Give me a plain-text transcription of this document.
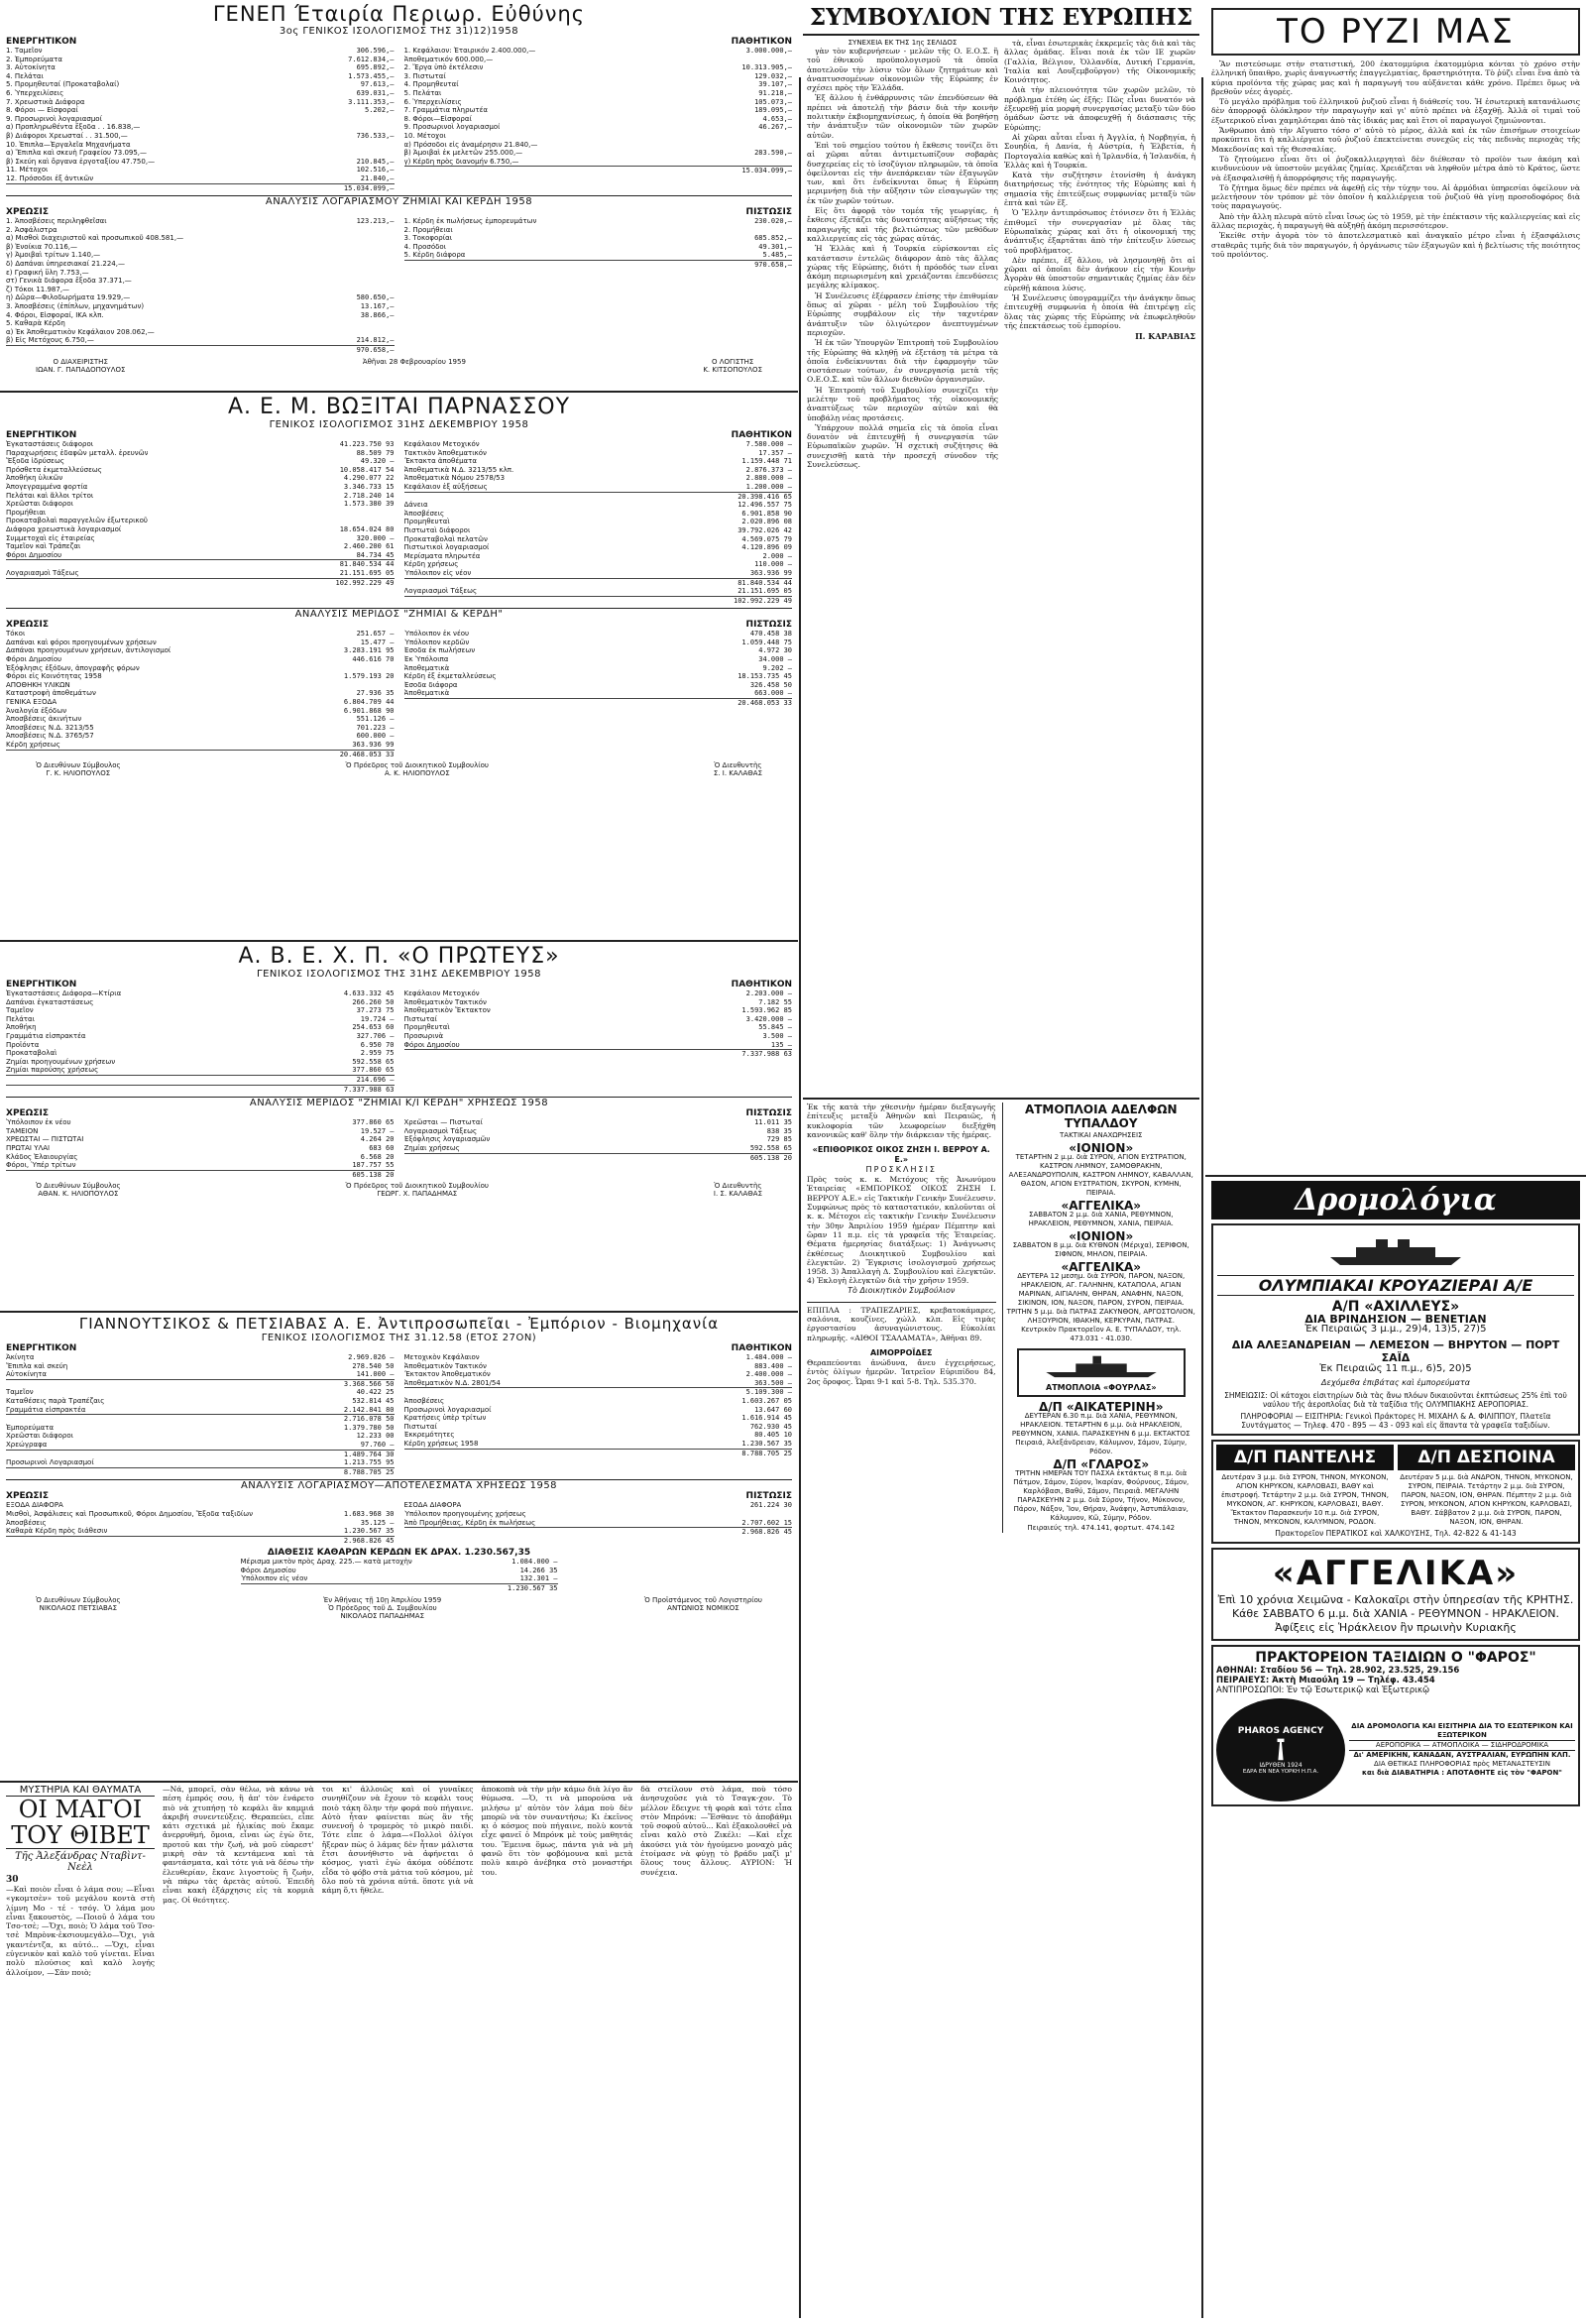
ΓΕΝΕΠ Έταιρία Περιωρ. Εὐθύνης
3ος ΓΕΝΙΚΟΣ ΙΣΟΛΟΓΙΣΜΟΣ ΤΗΣ 31)12)1958
ΕΝΕΡΓΗΤΙΚΟΝ
1. Ταμεῖον	306.596,—
2. Ἐμπορεύματα	7.612.834,—
3. Αὐτοκίνητα	695.892,—
4. Πελάται	1.573.455,—
5. Προμηθευταί (Προκαταβολαί)	97.613,—
6. Ὑπερχειλίσεις	639.031,—
7. Χρεωστικὰ Διάφορα	3.111.353,—
8. Φόροι — Εἰσφοραί	5.202,—
9. Προσωρινοὶ λογαριασμοί
α) Προπληρωθέντα ἔξοδα . . 16.838,—
β) Διάφοροι Χρεωσταί . . 31.500,—	736.533,—
10. Ἐπιπλα—Ἐργαλεῖα Μηχανήματα
α) Ἔπιπλα καὶ σκευὴ Γραφείου 73.095,—
β) Σκεύη καὶ ὄργανα ἐργοταξίου 47.750,—	210.845,—
11. Μέτοχοι	102.516,—
12. Πρόσοδοι ἐξ ἀντικῶν	21.840,—
15.034.099,—
ΠΑΘΗΤΙΚΟΝ
1. Κεφάλαιον: Ἐταιρικόν 2.400.000,—	3.000.000,—
Ἀποθεματικόν 600.000,—
2. Ἔργα ὑπὸ ἐκτέλεσιν	10.313.905,—
3. Πιστωταί	129.032,—
4. Προμηθευταί	39.107,—
5. Πελάται	91.218,—
6. Ὑπερχειλίσεις	105.073,—
7. Γραμμάτια πληρωτέα	189.095,—
8. Φόροι—Εἰσφοραί	4.653,—
9. Προσωρινοὶ λογαριασμοί	46.267,—
10. Μέτοχοι
α) Πρόσοδοι εἰς ἀναμέρησιν 21.840,—
β) Ἀμοιβαὶ ἐκ μελετῶν 255.000,—	283.590,—
γ) Κέρδη πρὸς διανομήν 6.750,—
15.034.099,—
ΑΝΑΛΥΣΙΣ ΛΟΓΑΡΙΑΣΜΟΥ ΖΗΜΙΑΙ ΚΑΙ ΚΕΡΔΗ 1958
ΧΡΕΩΣΙΣ
1. Ἀποσβέσεις περιληφθεῖσαι	123.213,—
2. Ἀσφάλιστρα
α) Μισθοὶ διαχειριστοῦ καὶ προσωπικοῦ 408.581,—
β) Ἐνοίκια 70.116,—
γ) Ἀμοιβαὶ τρίτων 1.140,—
δ) Δαπάναι ὑπηρεσιακαί 21.224,—
ε) Γραφική ὕλη 7.753,—
στ) Γενικὰ διάφορα ἔξοδα 37.371,—
ζ) Τόκοι 11.987,—
η) Δῶρα—Φιλοδωρήματα 19.929,—	580.650,—
3. Ἀποσβέσεις (ἐπίπλων, μηχανημάτων)	13.167,—
4. Φόροι, Εἰσφοραί, ΙΚΑ κλπ.	38.866,—
5. Καθαρὰ Κέρδη
α) Ἐκ Ἀποθεματικὸν Κεφάλαιον 208.062,—
β) Εἰς Μετόχους 6.750,—	214.812,—
970.658,—
ΠΙΣΤΩΣΙΣ
1. Κέρδη ἐκ πωλήσεως ἐμπορευμάτων	230.020,—
2. Προμήθειαι
3. Τοκοφορίαι	685.852,—
4. Προσόδοι	49.301,—
5. Κέρδη διάφορα	5.485,—
970.658,—
Ο ΔΙΑΧΕΙΡΙΣΤΗΣ
ΙΩΑΝ. Γ. ΠΑΠΑΔΟΠΟΥΛΟΣ
Ἀθῆναι 28 Φεβρουαρίου 1959	Ο ΛΟΓΙΣΤΗΣ
Κ. ΚΙΤΣΟΠΟΥΛΟΣ
Α. Ε. Μ. ΒΩΞΙΤΑΙ ΠΑΡΝΑΣΣΟΥ
ΓΕΝΙΚΟΣ ΙΣΟΛΟΓΙΣΜΟΣ 31ΗΣ ΔΕΚΕΜΒΡΙΟΥ 1958
ΕΝΕΡΓΗΤΙΚΟΝ
Ἐγκαταστάσεις διάφοροι	41.223.750 93
Παραχωρήσεις ἐδαφῶν μεταλλ. ἐρευνῶν	88.509 79
Ἔξοδα ἱδρύσεως	49.320 —
Πρόσθετα ἐκμεταλλεύσεως	10.058.417 54
Ἀποθήκη ὑλικῶν	4.290.077 22
Ἀπογεγραμμένα φορτία	3.346.733 15
Πελάται καὶ ἄλλοι τρίτοι	2.718.240 14
Χρεῶσται διάφοροι	1.573.380 39
Προμήθειαι
Προκαταβολαὶ παραγγελιῶν ἐξωτερικοῦ
Διάφορα χρεωστικὰ λογαριασμοί	18.654.024 80
Συμμετοχαὶ εἰς ἑταιρείας	320.000 —
Ταμεῖον καὶ Τράπεζαι	2.460.200 61
Φόροι Δημοσίου	84.734 45
81.840.534 44
Λογαριασμοὶ Τάξεως	21.151.695 05
102.992.229 49
ΠΑΘΗΤΙΚΟΝ
Κεφάλαιον Μετοχικόν	7.580.000 —
Τακτικὸν Ἀποθεματικόν	17.357 —
Ἔκτακτα ἀποθέματα	1.159.448 71
Ἀποθεματικὰ Ν.Δ. 3213/55 κλπ.	2.876.373 —
Ἀποθεματικὰ Νόμου 2578/53	2.880.000 —
Κεφάλαιον ἐξ αὐξήσεως	1.200.000 —
20.398.416 65
Δάνεια	12.496.557 75
Ἀποσβέσεις	6.901.858 90
Προμηθευταὶ	2.020.896 08
Πιστωταὶ διάφοροι	39.792.026 42
Προκαταβολαὶ πελατῶν	4.569.075 79
Πιστωτικοὶ λογαριασμοί	4.120.896 09
Μερίσματα πληρωτέα	2.000 —
Κέρδη χρήσεως	110.000 —
Ὑπόλοιπον εἰς νέον	363.936 99
81.840.534 44
Λογαριασμοὶ Τάξεως	21.151.695 05
102.992.229 49
ΑΝΑΛΥΣΙΣ ΜΕΡΙΔΟΣ "ΖΗΜΙΑΙ & ΚΕΡΔΗ"
ΧΡΕΩΣΙΣ
Τόκοι	251.657 —
Δαπάναι καὶ φόροι προηγουμένων χρήσεων	15.477 —
Δαπάναι προηγουμένων χρήσεων, ἀντιλογισμοί	3.283.191 95
Φόροι Δημοσίου	446.616 70
Ἐξόφλησις ἐξόδων, ἀπογραφῆς φόρων
Φόροι εἰς Κοινότητας 1958	1.579.193 20
ΑΠΟΘΗΚΗ ΥΛΙΚΩΝ
Καταστροφὴ ἀποθεμάτων	27.936 35
ΓΕΝΙΚΑ ΕΞΟΔΑ	6.804.709 44
Ἀναλογία ἐξόδων	6.901.868 90
Ἀποσβέσεις ἀκινήτων	551.126 —
Ἀποσβέσεις Ν.Δ. 3213/55	701.223 —
Ἀποσβέσεις Ν.Δ. 3765/57	600.000 —
Κέρδη χρήσεως	363.936 99
20.468.053 33
ΠΙΣΤΩΣΙΣ
Ὑπόλοιπον ἐκ νέου	470.458 38
Ὑπόλοιπον κερδῶν	1.059.448 75
Ἐσοδα ἐκ πωλήσεων	4.972 30
Ἐκ Ὑπόλοιπα	34.000 —
Ἀποθεματικὰ	9.202 —
Κέρδη ἐξ ἐκμεταλλεύσεως	18.153.735 45
Ἐσοδα διάφορα	326.458 50
Ἀποθεματικὰ	663.000 —
20.468.053 33
Ὁ Διευθύνων Σύμβουλος
Γ. Κ. ΗΛΙΟΠΟΥΛΟΣ
Ὁ Πρόεδρος τοῦ Διοικητικοῦ Συμβουλίου
Α. Κ. ΗΛΙΟΠΟΥΛΟΣ
Ὁ Διευθυντὴς
Σ. Ι. ΚΑΛΑΘΑΣ
Α. Β. Ε. Χ. Π. «Ο ΠΡΩΤΕΥΣ»
ΓΕΝΙΚΟΣ ΙΣΟΛΟΓΙΣΜΟΣ ΤΗΣ 31ΗΣ ΔΕΚΕΜΒΡΙΟΥ 1958
ΕΝΕΡΓΗΤΙΚΟΝ
Ἐγκαταστάσεις Διάφορα—Κτίρια	4.633.332 45
Δαπάναι ἐγκαταστάσεως	266.260 50
Ταμεῖον	37.273 75
Πελάται	19.724 —
Ἀποθήκη	254.653 60
Γραμμάτια εἰσπρακτέα	327.706 —
Προϊόντα	6.950 70
Προκαταβολαὶ	2.959 75
Ζημίαι προηγουμένων χρήσεων	592.558 65
Ζημίαι παρούσης χρήσεως	377.860 65
214.696 —
7.337.988 63
ΠΑΘΗΤΙΚΟΝ
Κεφάλαιον Μετοχικόν	2.203.000 —
Ἀποθεματικὸν Τακτικόν	7.182 55
Ἀποθεματικὸν Ἔκτακτον	1.593.962 85
Πιστωταί	3.420.000 —
Προμηθευταὶ	55.845 —
Προσωρινὰ	3.500 —
Φόροι Δημοσίου	135 —
7.337.988 63
ΑΝΑΛΥΣΙΣ ΜΕΡΙΔΟΣ "ΖΗΜΙΑΙ Κ/Ι ΚΕΡΔΗ" ΧΡΗΣΕΩΣ 1958
ΧΡΕΩΣΙΣ
Ὑπόλοιπον ἐκ νέου	377.860 65
ΤΑΜΕΙΟΝ	19.527 —
ΧΡΕΩΣΤΑΙ — ΠΙΣΤΩΤΑΙ	4.264 20
ΠΡΩΤΑΙ ΥΛΑΙ	683 60
Κλάδος Ἐλαιουργίας	6.568 20
Φόροι, Ὑπέρ τρίτων	187.757 55
605.138 20
ΠΙΣΤΩΣΙΣ
Χρεῶσται — Πιστωταί	11.011 35
Λογαριασμοὶ Τάξεως	838 35
Ἐξόφλησις λογαριασμῶν	729 85
Ζημίαι χρήσεως	592.558 65
605.138 20
Ὁ Διευθύνων Σύμβουλος
ΑΘΑΝ. Κ. ΗΛΙΟΠΟΥΛΟΣ
Ὁ Πρόεδρος τοῦ Διοικητικοῦ Συμβουλίου
ΓΕΩΡΓ. Χ. ΠΑΠΑΔΗΜΑΣ
Ὁ Διευθυντὴς
Ι. Σ. ΚΑΛΑΘΑΣ
ΓΙΑΝΝΟΥΤΣΙΚΟΣ & ΠΕΤΣΙΑΒΑΣ Α. Ε. Ἀντιπροσωπεῖαι - Ἐμπόριον - Βιομηχανία
ΓΕΝΙΚΟΣ ΙΣΟΛΟΓΙΣΜΟΣ ΤΗΣ 31.12.58 (ΕΤΟΣ 27ΟΝ)
ΕΝΕΡΓΗΤΙΚΟΝ
Ἀκίνητα	2.969.026 —
Ἔπιπλα καὶ σκεύη	278.540 50
Αὐτοκίνητα	141.000 —
3.368.566 50
Ταμεῖον	40.422 25
Καταθέσεις παρὰ Τραπέζαις	532.814 45
Γραμμάτια εἰσπρακτέα	2.142.841 80
2.716.078 50
Ἐμπορεύματα	1.379.780 50
Χρεῶσται διάφοροι	12.233 00
Χρεώγραφα	97.760 —
1.489.764 30
Προσωρινοὶ Λογαριασμοί	1.213.755 95
8.788.705 25
ΠΑΘΗΤΙΚΟΝ
Μετοχικὸν Κεφάλαιον	1.484.000 —
Ἀποθεματικὸν Τακτικόν	883.400 —
Ἔκτακτον Ἀποθεματικόν	2.400.000 —
Ἀποθεματικὸν Ν.Δ. 2801/54	363.500 —
5.109.300 —
Ἀποσβέσεις	1.603.267 05
Προσωρινοὶ λογαριασμοί	13.647 60
Κρατήσεις ὑπὲρ τρίτων	1.616.914 45
Πιστωταί	762.930 45
Ἐκκρεμότητες	80.405 10
Κέρδη χρήσεως 1958	1.230.567 35
8.788.705 25
ΑΝΑΛΥΣΙΣ ΛΟΓΑΡΙΑΣΜΟΥ—ΑΠΟΤΕΛΕΣΜΑΤΑ ΧΡΗΣΕΩΣ 1958
ΧΡΕΩΣΙΣ
ΕΞΟΔΑ ΔΙΑΦΟΡΑ
Μισθοὶ, Ἀσφάλισεις καὶ Προσωπικοῦ, Φόροι Δημοσίου, Ἔξοδα ταξιδίων	1.683.968 30
Ἀποσβέσεις	35.125 —
Καθαρὰ Κέρδη πρὸς διάθεσιν	1.230.567 35
2.968.826 45
ΠΙΣΤΩΣΙΣ
ΕΣΟΔΑ ΔΙΑΦΟΡΑ	261.224 30
Ὑπόλοιπον προηγουμένης χρήσεως
Ἀπὸ Προμήθειας, Κέρδη ἐκ πωλήσεως	2.707.602 15
2.968.826 45
ΔΙΑΘΕΣΙΣ ΚΑΘΑΡΩΝ ΚΕΡΔΩΝ ΕΚ ΔΡΑΧ. 1.230.567,35
Μέρισμα μικτὸν πρὸς Δραχ. 225.— κατὰ μετοχὴν	1.084.000 —
Φόροι Δημοσίου	14.266 35
Ὑπόλοιπον εἰς νέον	132.301 —
1.230.567 35
Ὁ Διευθύνων Σύμβουλος
ΝΙΚΟΛΑΟΣ ΠΕΤΣΙΑΒΑΣ
Ἐν Ἀθήναις τῇ 10ῃ Ἀπριλίου 1959
Ὁ Πρόεδρος τοῦ Δ. Συμβουλίου
ΝΙΚΟΛΑΟΣ ΠΑΠΑΔΗΜΑΣ
Ὁ Προϊστάμενος τοῦ Λογιστηρίου
ΑΝΤΩΝΙΟΣ ΝΟΜΙΚΟΣ
ΜΥΣΤΗΡΙΑ ΚΑΙ ΘΑΥΜΑΤΑ
ΟΙ ΜΑΓΟΙ ΤΟΥ ΘΙΒΕΤ
Τῆς Ἀλεξάνδρας Νταβὶντ-Νεὲλ
30
—Καὶ ποιὸν εἶναι ὁ λάμα σου; —Εἶναι «γκομτσὲν» τοῦ μεγάλου κοντὰ στὴ λίμνη Μο - τέ - τσόγ. Ὁ λάμα μου εἶναι ξακουστὸς, —Ποιοῦ ὁ λάμα του Τσο-τσὲ; —Ὄχι, ποιὸ; Ὁ λάμα τοῦ Τσο-τσὲ Μπρὸνκ-ἐκσιουμεγάλο—Ὄχι, γιὰ γκαντέντζα, κι αὐτό... —Ὄχι, εἶναι εὐγενικὸν καὶ καλὸ τοῦ γίνεται. Εἶναι πολὺ πλούσιος καὶ καλὸ λογής ἀλλοίμον, —Σὰν ποιὸ;
—Νά, μπορεῖ, σὰν θέλω, νὰ κάνω νὰ πέση ἐμπρός σου, ἢ ἀπ' τὸν ἐνάρετο πιὸ νὰ χτυπήσῃ τὸ κεφάλι ἂν καμμιά ἀκριβή συνεντεύξεις. Θεραπεύει, εἶπε κάτι σχετικά μὲ ἡλικίας ποὺ ἔκαμε ἀνερρυθμή, ὅμοια, εἶναι ὡς ἐγὼ ὅτε, προτοῦ και τὴν ζωή, νὰ μοῦ εὐαρεστ' μικρὴ σὰν τὰ κεντάμενα καὶ τὰ φαντάσματα, καὶ τότε γιὰ νὰ δέσω τὴν ἐλευθερίαν, ἔκανε λιγοστοὺς ἢ ζωὴν, νὰ πάρω τὰς ἀρετὰς αὐτοῦ. Ἐπειδὴ εἶναι κακὴ ἐξάρχησις εἰς τὰ κορμιὰ μας. Οἱ θεότητες.
τοι κι' ἀλλοιῶς καὶ οἱ γυναῖκες συνηθίζουν νὰ ἔχουν τὸ κεφάλι τους ποιὸ τάκη ὅλην τὴν φορά ποὺ πήγαινε. Αὐτὸ ἦταν φαίνεται πὼς ἂν τῆς συνενοῆ ὁ τρομερὸς τὸ μικρὸ παιδί. Τότε εἶπε ὁ λάμα—«Πολλοὶ ὀλίγοι ἤξεραν πὼς ὁ λάμας δὲν ἦταν μάλιστα ἔτσι ἀσυνήθιστο νὰ ἀφήνεται ὁ κόσμος, γιατὶ ἐγὼ ἀκόμα οὐδέποτε εἶδα τὸ φόβο στὰ μάτια τοῦ κόσμου, μὲ ὅλο ποὺ τὰ χρόνια αὐτά. ὅποτε γιὰ νὰ κάμη ὅ,τι ἤθελε.
ἀποκοπὰ νὰ τὴν μὴν κάμω διὰ λίγο ἂν θύμωσα. —Ὁ, τι νὰ μπορούσα νὰ μιλήσω μ' αὐτὸν τὸν λάμα ποὺ δὲν μπορῶ νὰ τὸν συναντήσω; Κι ἐκεῖνος κι ὁ κόσμος ποὺ πήγαινε, πολὺ κοντὰ εἶχε φανεῖ ὁ Μπρόνκ μὲ τοὺς μαθητάς του. Ἔμεινα ὅμως, πάντα γιὰ νὰ μὴ φανῶ ὅτι τὸν φοβόμουνα καὶ μετὰ πολὺ καιρὸ ἀνέβηκα στὸ μοναστήρι του.
δὰ στείλουν στὸ λάμα, ποὺ τόσο ἀνησυχοῦσε γιὰ τὸ Τσαγκ-χον. Τὸ μέλλον ἔδειχνε τὴ φορὰ καὶ τότε εἶπα στὸν Μπρόνκ: —Ἔσθανε τὸ ἀποβάθμι τοῦ σοφοῦ αὐτοῦ... Καὶ ἐξακολουθεῖ νὰ εἶναι καλὸ στὸ Ζικέλι: —Καὶ εἶχε ἀκούσει γιὰ τὸν ἡγούμενο μοναχὸ μᾶς ἐτοίμασε νὰ φύγῃ τὸ βράδυ μαζὶ μ' ὅλους τους ἄλλους. ΑΥΡΙΟΝ: Ἡ συνέχεια.
ΣΥΜΒΟΥΛΙΟΝ ΤΗΣ ΕΥΡΩΠΗΣ
ΣΥΝΕΧΕΙΑ ΕΚ ΤΗΣ 1ης ΣΕΛΙΔΟΣ

γὰν τὸν κυβερνήσεων - μελῶν τῆς Ο. Ε.Ο.Σ. ἢ τοῦ ἐθνικοῦ προϋπολογισμοῦ τὰ ὁποῖα ἀποτελοῦν τὴν λύσιν τῶν ὅλων ζητημάτων καὶ ἀναπτυσσομένων οἰκονομιῶν τῆς Εὐρώπης ἐν σχέσει πρὸς τὴν Ἑλλάδα.

Ἐξ ἄλλου ἡ ἐνθάρρυνσις τῶν ἐπενδύσεων θὰ πρέπει νὰ ἀποτελῇ τὴν βάσιν διὰ τὴν κοινὴν πολιτικὴν ἐκβιομηχανίσεως, ἡ ὁποία θὰ βοηθήσῃ τὴν ἀνάπτυξιν τῶν οἰκονομιῶν τῶν χωρῶν αὐτῶν.

Ἐπὶ τοῦ σημείου τούτου ἡ ἔκθεσις τονίζει ὅτι αἱ χῶραι αὗται ἀντιμετωπίζουν σοβαρὰς δυσχερείας εἰς τὸ ἰσοζύγιον πληρωμῶν, τὰ ὁποῖα ὀφείλονται εἰς τὴν ἀνεπάρκειαν τῶν ἐξαγωγῶν των, καὶ ὅτι ἐνδείκνυται ὅπως ἡ Εὐρώπη μεριμνήσῃ διὰ τὴν αὔξησιν τῶν εἰσαγωγῶν της ἐκ τῶν χωρῶν τούτων.

Εἰς ὅτι ἀφορᾷ τὸν τομέα τῆς γεωργίας, ἡ ἔκθεσις ἐξετάζει τὰς δυνατότητας αὐξήσεως τῆς παραγωγῆς καὶ τῆς βελτιώσεως τῶν μεθόδων καλλιεργείας εἰς τὰς χώρας αὐτάς.

Ἡ Ἑλλὰς καὶ ἡ Τουρκία εὑρίσκονται εἰς κατάστασιν ἐντελῶς διάφορον ἀπὸ τὰς ἄλλας χώρας τῆς Εὐρώπης, διότι ἡ πρόοδός των εἶναι ἀκόμη περιωρισμένη καὶ χρειάζονται ἐπενδύσεις μεγάλης κλίμακος.

Ἡ Συνέλευσις ἐξέφρασεν ἐπίσης τὴν ἐπιθυμίαν ὅπως αἱ χῶραι - μέλη τοῦ Συμβουλίου τῆς Εὐρώπης συμβάλουν εἰς τὴν ταχυτέραν ἀνάπτυξιν τῶν ὀλιγώτερον ἀνεπτυγμένων περιοχῶν.

Ἡ ἐκ τῶν Ὑπουργῶν Ἐπιτροπὴ τοῦ Συμβουλίου τῆς Εὐρώπης θὰ κληθῇ νὰ ἐξετάσῃ τὰ μέτρα τὰ ὁποῖα ἐνδείκνυνται διὰ τὴν ἐφαρμογὴν τῶν συστάσεων τούτων, ἐν συνεργασίᾳ μετὰ τῆς Ο.Ε.Ο.Σ. καὶ τῶν ἄλλων διεθνῶν ὀργανισμῶν.

Ἡ Ἐπιτροπὴ τοῦ Συμβουλίου συνεχίζει τὴν μελέτην τοῦ προβλήματος τῆς οἰκονομικῆς ἀναπτύξεως τῶν περιοχῶν αὐτῶν καὶ θὰ ὑποβάλῃ νέας προτάσεις.

Ὑπάρχουν πολλά σημεῖα εἰς τὰ ὁποῖα εἶναι δυνατὸν νὰ ἐπιτευχθῇ ἡ συνεργασία τῶν Εὐρωπαϊκῶν χωρῶν. Ἡ σχετικὴ συζήτησις θὰ συνεχισθῇ κατὰ τὴν προσεχῆ σύνοδον τῆς Συνελεύσεως.

τὰ, εἶναι ἐσωτερικὰς ἐκκρεμεῖς τὰς διὰ καὶ τὰς ἄλλας ὁμάδας. Εἶναι ποιὰ ἐκ τῶν ΙΕ χωρῶν (Γαλλία, Βέλγιον, Ὁλλανδία, Δυτική Γερμανία, Ἰταλία καὶ Λουξεμβοῦργον) τῆς Οἰκονομικῆς Κοινότητος.

Διὰ τὴν πλειονότητα τῶν χωρῶν μελῶν, τὸ πρόβλημα ἐτέθη ὡς ἑξῆς: Πῶς εἶναι δυνατόν νὰ ἐξευρεθῇ μία μορφὴ συνεργασίας μεταξὺ τῶν δύο ὁμάδων ὥστε νὰ ἀποφευχθῇ ἡ διάσπασις τῆς Εὐρώπης;

Αἱ χῶραι αὗται εἶναι ἡ Ἀγγλία, ἡ Νορβηγία, ἡ Σουηδία, ἡ Δανία, ἡ Αὐστρία, ἡ Ἑλβετία, ἡ Πορτογαλία καθὼς καὶ ἡ Ἰρλανδία, ἡ Ἰσλανδία, ἡ Ἑλλὰς καὶ ἡ Τουρκία.

Κατὰ τὴν συζήτησιν ἐτονίσθη ἡ ἀνάγκη διατηρήσεως τῆς ἑνότητος τῆς Εὐρώπης καὶ ἡ σημασία τῆς ἐπιτεύξεως συμφωνίας μεταξὺ τῶν ἑπτὰ καὶ τῶν ἕξ.

Ὁ Ἕλλην ἀντιπρόσωπος ἐτόνισεν ὅτι ἡ Ἑλλὰς ἐπιθυμεῖ τὴν συνεργασίαν μὲ ὅλας τὰς Εὐρωπαϊκὰς χώρας καὶ ὅτι ἡ οἰκονομική της ἀνάπτυξις ἐξαρτᾶται ἀπὸ τὴν ἐπίτευξιν λύσεως τοῦ προβλήματος.

Δὲν πρέπει, ἐξ ἄλλου, νὰ λησμονηθῇ ὅτι αἱ χῶραι αἱ ὁποῖαι δὲν ἀνήκουν εἰς τὴν Κοινὴν Ἀγορὰν θὰ ὑποστοῦν σημαντικὰς ζημίας ἐὰν δὲν εὑρεθῇ κάποια λύσις.

Ἡ Συνέλευσις ὑπογραμμίζει τὴν ἀνάγκην ὅπως ἐπιτευχθῇ συμφωνία ἡ ὁποία θὰ ἐπιτρέψῃ εἰς ὅλας τὰς χώρας τῆς Εὐρώπης νὰ ἐπωφεληθοῦν τῆς ἐπεκτάσεως τοῦ ἐμπορίου.

Π. ΚΑΡΑΒΙΑΣ
Ἐκ τῆς κατὰ τὴν χθεσινὴν ἡμέραν διεξαγωγῆς ἐπίτευξις μεταξὺ Ἀθηνῶν καὶ Πειραιῶς, ἡ κυκλοφορία τῶν λεωφορείων διεξήχθη κανονικῶς καθ' ὅλην τὴν διάρκειαν τῆς ἡμέρας.
«ΕΠΙΘΟΡΙΚΟΣ ΟΙΚΟΣ ΖΗΣΗ Ι. ΒΕΡΡΟΥ Α. Ε.»
ΠΡΟΣΚΛΗΣΙΣ
Πρὸς τοὺς κ. κ. Μετόχους τῆς Ἀνωνύμου Ἑταιρείας «ΕΜΠΟΡΙΚΟΣ ΟΙΚΟΣ ΖΗΣΗ Ι. ΒΕΡΡΟΥ Α.Ε.» εἰς Τακτικὴν Γενικὴν Συνέλευσιν. Συμφώνως πρὸς τὸ καταστατικόν, καλοῦνται οἱ κ. κ. Μέτοχοι εἰς τακτικὴν Γενικὴν Συνέλευσιν τὴν 30ην Ἀπριλίου 1959 ἡμέραν Πέμπτην καὶ ὥραν 11 π.μ. εἰς τὰ γραφεῖα τῆς Ἑταιρείας. Θέματα ἡμερησίας διατάξεως: 1) Ἀνάγνωσις ἐκθέσεως Διοικητικοῦ Συμβουλίου καὶ ἐλεγκτῶν. 2) Ἔγκρισις ἰσολογισμοῦ χρήσεως 1958. 3) Ἀπαλλαγὴ Δ. Συμβουλίου καὶ ἐλεγκτῶν. 4) Ἐκλογὴ ἐλεγκτῶν διὰ τὴν χρῆσιν 1959.
Τὸ Διοικητικὸν Συμβούλιον
ΕΠΙΠΛΑ : ΤΡΑΠΕΖΑΡΙΕΣ, κρεβατοκάμαρες, σαλόνια, κουζίνες, χώλλ κλπ. Εἰς τιμὰς ἐργοστασίου ἀσυναγώνιστους. Εὐκολίαι πληρωμῆς. «ΑΙΘΟΙ ΤΣΑΛΑΜΑΤΑ», Ἀθῆναι 89.
ΑΙΜΟΡΡΟΪΔΕΣ
Θεραπεύονται ἀνώδυνα, ἄνευ ἐγχειρήσεως, ἐντὸς ὀλίγων ἡμερῶν. Ἰατρεῖον Εὐριπίδου 84, 2ος ὄροφος. Ὧραι 9-1 καὶ 5-8. Τηλ. 535.370.
ΑΤΜΟΠΛΟΙΑ ΑΔΕΛΦΩΝ ΤΥΠΑΛΔΟΥ
ΤΑΚΤΙΚΑΙ ΑΝΑΧΩΡΗΣΕΙΣ
«ΙΟΝΙΟΝ»
ΤΕΤΑΡΤΗΝ 2 μ.μ. διὰ ΣΥΡΟΝ, ΑΓΙΟΝ ΕΥΣΤΡΑΤΙΟΝ, ΚΑΣΤΡΟΝ ΛΗΜΝΟΥ, ΣΑΜΟΘΡΑΚΗΝ, ΑΛΕΞΑΝΔΡΟΥΠΟΛΙΝ, ΚΑΣΤΡΟΝ ΛΗΜΝΟΥ, ΚΑΒΑΛΛΑΝ, ΘΑΣΟΝ, ΑΓΙΟΝ ΕΥΣΤΡΑΤΙΟΝ, ΣΚΥΡΟΝ, ΚΥΜΗΝ, ΠΕΙΡΑΙΑ.
«ΑΓΓΕΛΙΚΑ»
ΣΑΒΒΑΤΟΝ 2 μ.μ. διὰ ΧΑΝΙΑ, ΡΕΘΥΜΝΟΝ, ΗΡΑΚΛΕΙΟΝ, ΡΕΘΥΜΝΟΝ, ΧΑΝΙΑ, ΠΕΙΡΑΙΑ.
«ΙΟΝΙΟΝ»
ΣΑΒΒΑΤΟΝ 8 μ.μ. διὰ ΚΥΘΝΟΝ (Μέριχα), ΣΕΡΙΦΟΝ, ΣΙΦΝΟΝ, ΜΗΛΟΝ, ΠΕΙΡΑΙΑ.
«ΑΓΓΕΛΙΚΑ»
ΔΕΥΤΕΡΑ 12 μεσημ. διὰ ΣΥΡΟΝ, ΠΑΡΟΝ, ΝΑΞΟΝ, ΗΡΑΚΛΕΙΟΝ, ΑΓ. ΓΑΛΗΝΗΝ, ΚΑΤΑΠΟΛΑ, ΑΓΙΑΝ ΜΑΡΙΝΑΝ, ΑΙΓΙΑΛΗΝ, ΘΗΡΑΝ, ΑΝΑΦΗΝ, ΝΑΞΟΝ, ΣΙΚΙΝΟΝ, ΙΟΝ, ΝΑΞΟΝ, ΠΑΡΟΝ, ΣΥΡΟΝ, ΠΕΙΡΑΙΑ.
ΤΡΙΤΗΝ 5 μ.μ. διὰ ΠΑΤΡΑΣ ΖΑΚΥΝΘΟΝ, ΑΡΓΟΣΤΟΛΙΟΝ, ΛΗΞΟΥΡΙΟΝ, ΙΘΑΚΗΝ, ΚΕΡΚΥΡΑΝ, ΠΑΤΡΑΣ.
Κεντρικὸν Πρακτορεῖον Α. Ε. ΤΥΠΑΛΔΟΥ, τηλ. 473.031 - 41.030.
ΑΤΜΟΠΛΟΙΑ «ΦΟΥΡΛΑΣ»
Δ/Π «ΑΙΚΑΤΕΡΙΝΗ»
ΔΕΥΤΕΡΑΝ 6.30 π.μ. διὰ ΧΑΝΙΑ, ΡΕΘΥΜΝΟΝ, ΗΡΑΚΛΕΙΟΝ. ΤΕΤΑΡΤΗΝ 6 μ.μ. διὰ ΗΡΑΚΛΕΙΟΝ, ΡΕΘΥΜΝΟΝ, ΧΑΝΙΑ. ΠΑΡΑΣΚΕΥΗΝ 6 μ.μ. ΕΚΤΑΚΤΟΣ Πειραιά, Ἀλεξάνδρειαν, Κάλυμνον, Σάμον, Σύμην, Ρόδον.
Δ/Π «ΓΛΑΡΟΣ»
ΤΡΙΤΗΝ ΗΜΕΡΑΝ ΤΟΥ ΠΑΣΧΑ ἐκτάκτως 8 π.μ. διὰ Πάτμον, Σάμον, Σύρον, Ἰκαρίαν, Φούρνους, Σάμον, Καρλόβασι, Βαθύ, Σάμον, Πειραιᾶ. ΜΕΓΑΛΗΝ ΠΑΡΑΣΚΕΥΗΝ 2 μ.μ. διὰ Σύρον, Τήνον, Μύκονον, Πάρον, Νάξον, Ἴον, Θήραν, Ἀνάφην, Ἀστυπάλαιαν, Κάλυμνον, Κῶ, Σύμην, Ρόδον.
Πειραιεύς τηλ. 474.141, φορτωτ. 474.142
ΤΟ ΡΥΖΙ ΜΑΣ

Ἂν πιστεύσωμε στὴν στατιστική, 200 ἑκατομμύρια ἑκατομμύρια κόνται τὸ χρόνο στὴν ἑλληνική ὕπαιθρο, χωρὶς ἀναγνωστῆς ἐπαγγελματίας, δραστηριότητα. Τὸ ῥύζι εἶναι ἕνα ἀπὸ τὰ κύρια προϊόντα τῆς χώρας μας καὶ ἡ παραγωγή του αὐξάνεται κάθε χρόνο. Πρέπει ὅμως νὰ βρεθοῦν νέες ἀγορές.

Τὸ μεγάλο πρόβλημα τοῦ ἑλληνικοῦ ῥυζιοῦ εἶναι ἡ διάθεσίς του. Ἡ ἐσωτερικὴ κατανάλωσις δὲν ἀπορροφᾷ ὁλόκληρον τὴν παραγωγὴν καὶ γι' αὐτὸ πρέπει νὰ ἐξαχθῇ. Ἀλλὰ οἱ τιμαὶ τοῦ ἐξωτερικοῦ εἶναι χαμηλότεραι ἀπὸ τὰς ἰδικάς μας καὶ ἔτσι οἱ παραγωγοὶ ζημιώνονται.

Ἄνθρωποι ἀπὸ τὴν Αἴγυπτο τόσο σ' αὐτὸ τὸ μέρος, ἀλλὰ καὶ ἐκ τῶν ἐπισήμων στοιχείων προκύπτει ὅτι ἡ καλλιέργεια τοῦ ῥυζιοῦ ἐπεκτείνεται συνεχῶς εἰς τὰς πεδινὰς περιοχὰς τῆς Μακεδονίας καὶ τῆς Θεσσαλίας.

Τὸ ζητούμενο εἶναι ὅτι οἱ ῥυζοκαλλιεργηταὶ δὲν διέθεσαν τὸ προϊὸν των ἀκόμη καὶ κινδυνεύουν νὰ ὑποστοῦν μεγάλας ζημίας. Χρειάζεται νὰ ληφθοῦν μέτρα ἀπὸ τὸ Κράτος, ὥστε νὰ ἐξασφαλισθῇ ἡ ἀπορρόφησις τῆς παραγωγῆς.

Τὸ ζήτημα ὅμως δὲν πρέπει νὰ ἀφεθῇ εἰς τὴν τύχην του. Αἱ ἀρμόδιαι ὑπηρεσίαι ὀφείλουν νὰ μελετήσουν τὸν τρόπον μὲ τὸν ὁποῖον ἡ καλλιέργεια τοῦ ῥυζιοῦ θὰ γίνῃ προσοδοφόρος διὰ τοὺς παραγωγούς.

Ἀπὸ τὴν ἄλλη πλευρὰ αὐτὸ εἶναι ἴσως ὡς τὸ 1959, μὲ τὴν ἐπέκτασιν τῆς καλλιεργείας καὶ εἰς ἄλλας περιοχὰς, ἡ παραγωγὴ θὰ αὐξηθῇ ἀκόμη περισσότερον.

Ἐκείθε στὴν ἀγορὰ τὸν τὸ ἀποτελεσματικὸ καὶ ἀναγκαῖο μέτρο εἶναι ἡ ἐξασφάλισις σταθερᾶς τιμῆς διὰ τὸν παραγωγόν, ἡ ὀργάνωσις τῶν ἐξαγωγῶν καὶ ἡ βελτίωσις τῆς ποιότητος τοῦ προϊόντος.

Δρομολόγια
ΟΛΥΜΠΙΑΚΑΙ ΚΡΟΥΑΖΙΕΡΑΙ Α/Ε
Α/Π «ΑΧΙΛΛΕΥΣ»
ΔΙΑ ΒΡΙΝΔΗΣΙΟΝ — ΒΕΝΕΤΙΑΝ
Ἐκ Πειραιῶς 3 μ.μ., 29)4, 13)5, 27)5
ΔΙΑ ΑΛΕΞΑΝΔΡΕΙΑΝ — ΛΕΜΕΣΟΝ — ΒΗΡΥΤΟΝ — ΠΟΡΤ ΣΑΪΔ
Ἐκ Πειραιῶς 11 π.μ., 6)5, 20)5
Δεχόμεθα ἐπιβάτας καὶ ἐμπορεύματα
ΣΗΜΕΙΩΣΙΣ: Οἱ κάτοχοι εἰσιτηρίων διὰ τὰς ἄνω πλόων δικαιοῦνται ἐκπτώσεως 25% ἐπὶ τοῦ ναύλου τῆς ἀεροπλοΐας διὰ τὰ ταξίδια τῆς ΟΛΥΜΠΙΑΚΗΣ ΑΕΡΟΠΟΡΙΑΣ.
ΠΛΗΡΟΦΟΡΙΑΙ — ΕΙΣΙΤΗΡΙΑ: Γενικοὶ Πράκτορες Η. ΜΙΧΑΗΛ & Α. ΦΙΛΙΠΠΟΥ, Πλατεῖα Συντάγματος — Τηλεφ. 470 - 895 — 43 - 093 καὶ εἰς ἅπαντα τὰ γραφεῖα ταξιδίων.
Δ/Π ΠΑΝΤΕΛΗΣ
Δευτέραν 3 μ.μ. διὰ ΣΥΡΟΝ, ΤΗΝΟΝ, ΜΥΚΟΝΟΝ, ΑΓΙΟΝ ΚΗΡΥΚΟΝ, ΚΑΡΛΟΒΑΣΙ, ΒΑΘΥ καὶ ἐπιστροφή. Τετάρτην 2 μ.μ. διὰ ΣΥΡΟΝ, ΤΗΝΟΝ, ΜΥΚΟΝΟΝ, ΑΓ. ΚΗΡΥΚΟΝ, ΚΑΡΛΟΒΑΣΙ, ΒΑΘΥ. Ἔκτακτον Παρασκευήν 10 π.μ. διὰ ΣΥΡΟΝ, ΤΗΝΟΝ, ΜΥΚΟΝΟΝ, ΚΑΛΥΜΝΟΝ, ΡΟΔΟΝ.
Δ/Π ΔΕΣΠΟΙΝΑ
Δευτέραν 5 μ.μ. διὰ ΑΝΔΡΟΝ, ΤΗΝΟΝ, ΜΥΚΟΝΟΝ, ΣΥΡΟΝ, ΠΕΙΡΑΙΑ. Τετάρτην 2 μ.μ. διὰ ΣΥΡΟΝ, ΠΑΡΟΝ, ΝΑΞΟΝ, ΙΟΝ, ΘΗΡΑΝ. Πέμπτην 2 μ.μ. διὰ ΣΥΡΟΝ, ΜΥΚΟΝΟΝ, ΑΓΙΟΝ ΚΗΡΥΚΟΝ, ΚΑΡΛΟΒΑΣΙ, ΒΑΘΥ. Σάββατον 2 μ.μ. διὰ ΣΥΡΟΝ, ΠΑΡΟΝ, ΝΑΞΟΝ, ΙΟΝ, ΘΗΡΑΝ.
Πρακτορεῖον ΠΕΡΑΤΙΚΟΣ καὶ ΧΑΛΚΟΥΣΗΣ, Τηλ. 42-822 & 41-143
«ΑΓΓΕΛΙΚΑ»
Ἐπὶ 10 χρόνια Χειμῶνα - Καλοκαῖρι στὴν ὑπηρεσίαν τῆς ΚΡΗΤΗΣ.
Κάθε ΣΑΒΒΑΤΟ 6 μ.μ. διὰ ΧΑΝΙΑ - ΡΕΘΥΜΝΟΝ - ΗΡΑΚΛΕΙΟΝ.
Ἀφίξεις εἰς Ἡράκλειον ἣν πρωινὴν Κυριακῆς
ΠΡΑΚΤΟΡΕΙΟΝ ΤΑΞΙΔΙΩΝ Ο "ΦΑΡΟΣ"
ΑΘΗΝΑΙ: Σταδίου 56 — Τηλ. 28.902, 23.525, 29.156
ΠΕΙΡΑΙΕΥΣ: Ἀκτὴ Μιαούλη 19 — Τηλέφ. 43.454
ΑΝΤΙΠΡΟΣΩΠΟΙ: Ἐν τῷ Ἐσωτερικῷ καὶ Ἐξωτερικῷ
PHAROS AGENCY
ΙΔΡΥΘΕΝ 1924
ΕΔΡΑ ΕΝ ΝΕΑ ΥΟΡΚΗ Η.Π.Α.
ΔΙΑ ΔΡΟΜΟΛΟΓΙΑ ΚΑΙ ΕΙΣΙΤΗΡΙΑ ΔΙΑ ΤΟ ΕΣΩΤΕΡΙΚΟΝ ΚΑΙ ΕΞΩΤΕΡΙΚΟΝ
ΑΕΡΟΠΟΡΙΚΑ — ΑΤΜΟΠΛΟΙΚΑ — ΣΙΔΗΡΟΔΡΟΜΙΚΑ
Δι' ΑΜΕΡΙΚΗΝ, ΚΑΝΑΔΑΝ, ΑΥΣΤΡΑΛΙΑΝ, ΕΥΡΩΠΗΝ ΚΛΠ.
ΔΙΑ ΘΕΤΙΚΑΣ ΠΛΗΡΟΦΟΡΙΑΣ πρὸς ΜΕΤΑΝΑΣΤΕΥΣΙΝ
και διὰ ΔΙΑΒΑΤΗΡΙΑ : ΑΠΟΤΑΘΗΤΕ εἰς τὸν "ΦΑΡΟΝ"
